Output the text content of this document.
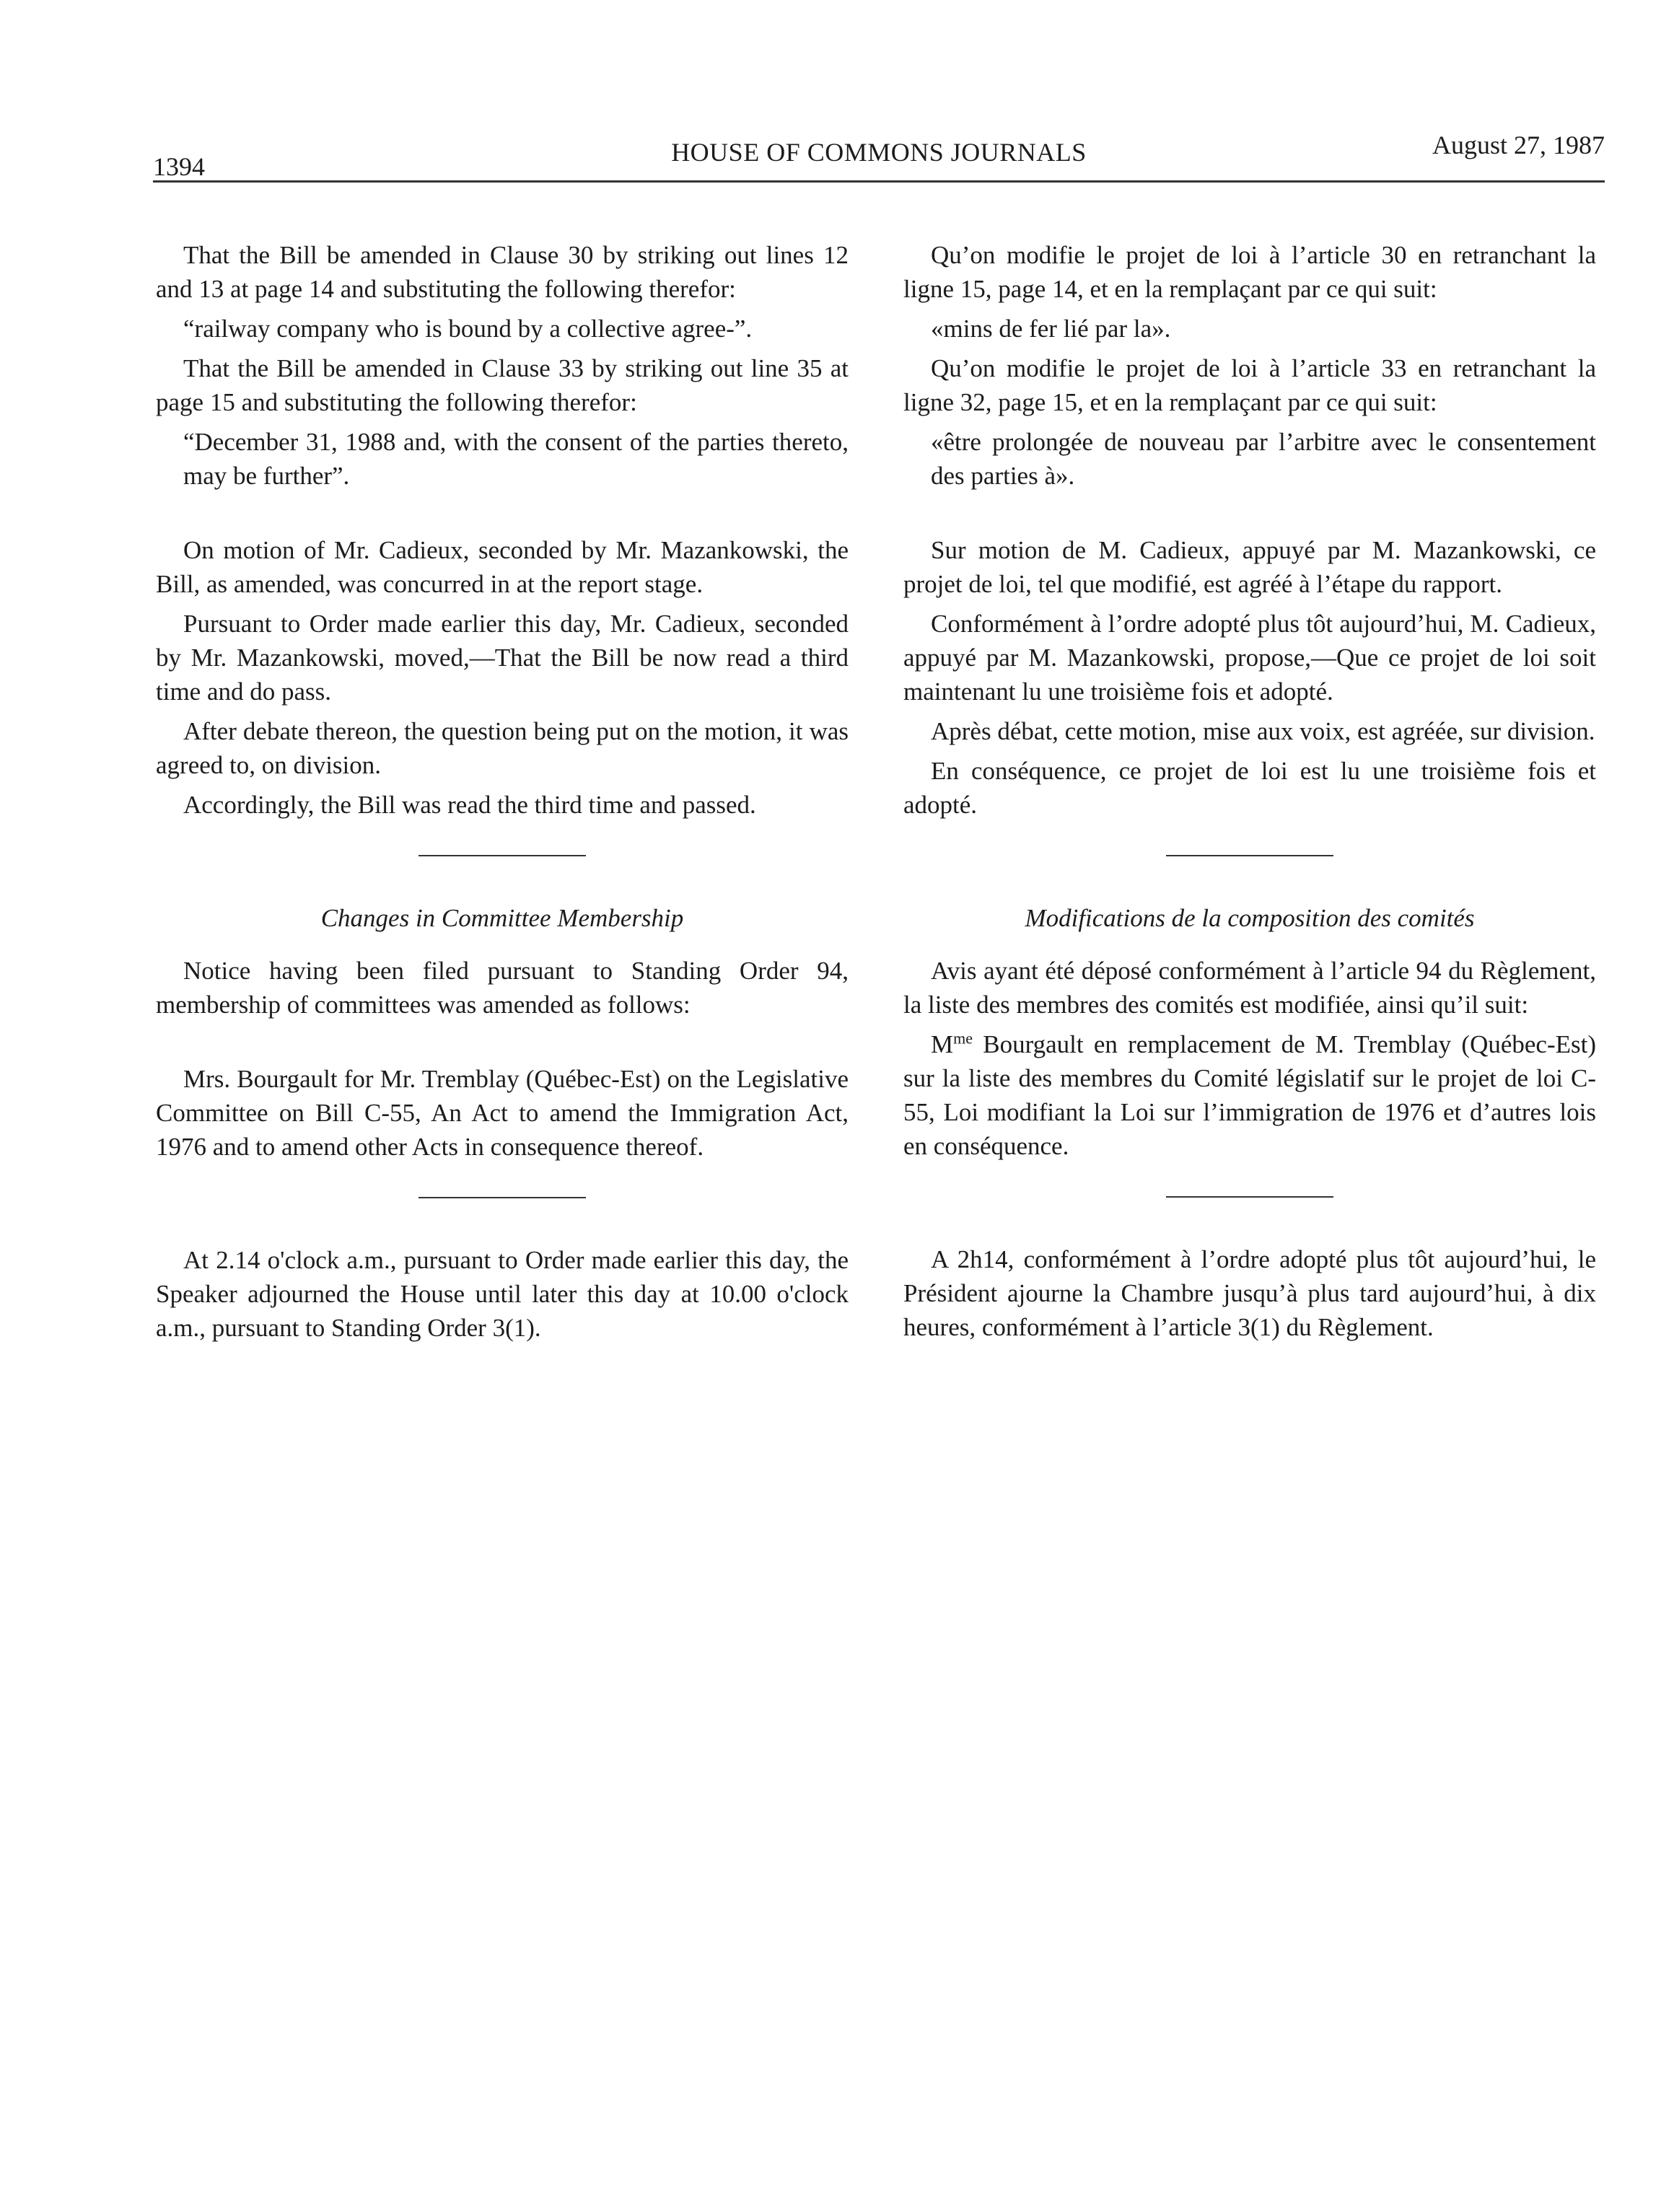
1394	HOUSE OF COMMONS JOURNALS	August 27, 1987

That the Bill be amended in Clause 30 by striking out lines 12 and 13 at page 14 and substituting the following therefor:

“railway company who is bound by a collective agree-”.

That the Bill be amended in Clause 33 by striking out line 35 at page 15 and substituting the following therefor:

“December 31, 1988 and, with the consent of the parties thereto, may be further”.

On motion of Mr. Cadieux, seconded by Mr. Mazankowski, the Bill, as amended, was concurred in at the report stage.

Pursuant to Order made earlier this day, Mr. Cadieux, seconded by Mr. Mazankowski, moved,—That the Bill be now read a third time and do pass.

After debate thereon, the question being put on the motion, it was agreed to, on division.

Accordingly, the Bill was read the third time and passed.

Changes in Committee Membership

Notice having been filed pursuant to Standing Order 94, membership of committees was amended as follows:

Mrs. Bourgault for Mr. Tremblay (Québec-Est) on the Legislative Committee on Bill C-55, An Act to amend the Immigration Act, 1976 and to amend other Acts in consequence thereof.

At 2.14 o'clock a.m., pursuant to Order made earlier this day, the Speaker adjourned the House until later this day at 10.00 o'clock a.m., pursuant to Standing Order 3(1).

Qu’on modifie le projet de loi à l’article 30 en retranchant la ligne 15, page 14, et en la remplaçant par ce qui suit:

«mins de fer lié par la».

Qu’on modifie le projet de loi à l’article 33 en retranchant la ligne 32, page 15, et en la remplaçant par ce qui suit:

«être prolongée de nouveau par l’arbitre avec le consentement des parties à».

Sur motion de M. Cadieux, appuyé par M. Mazankowski, ce projet de loi, tel que modifié, est agréé à l’étape du rapport.

Conformément à l’ordre adopté plus tôt aujourd’hui, M. Cadieux, appuyé par M. Mazankowski, propose,—Que ce projet de loi soit maintenant lu une troisième fois et adopté.

Après débat, cette motion, mise aux voix, est agréée, sur division.

En conséquence, ce projet de loi est lu une troisième fois et adopté.

Modifications de la composition des comités

Avis ayant été déposé conformément à l’article 94 du Règlement, la liste des membres des comités est modifiée, ainsi qu’il suit:

$M^{me}$ Bourgault en remplacement de M. Tremblay (Québec-Est) sur la liste des membres du Comité législatif sur le projet de loi C-55, Loi modifiant la Loi sur l’immigration de 1976 et d’autres lois en conséquence.

A 2h14, conformément à l’ordre adopté plus tôt aujourd’hui, le Président ajourne la Chambre jusqu’à plus tard aujourd’hui, à dix heures, conformément à l’article 3(1) du Règlement.
